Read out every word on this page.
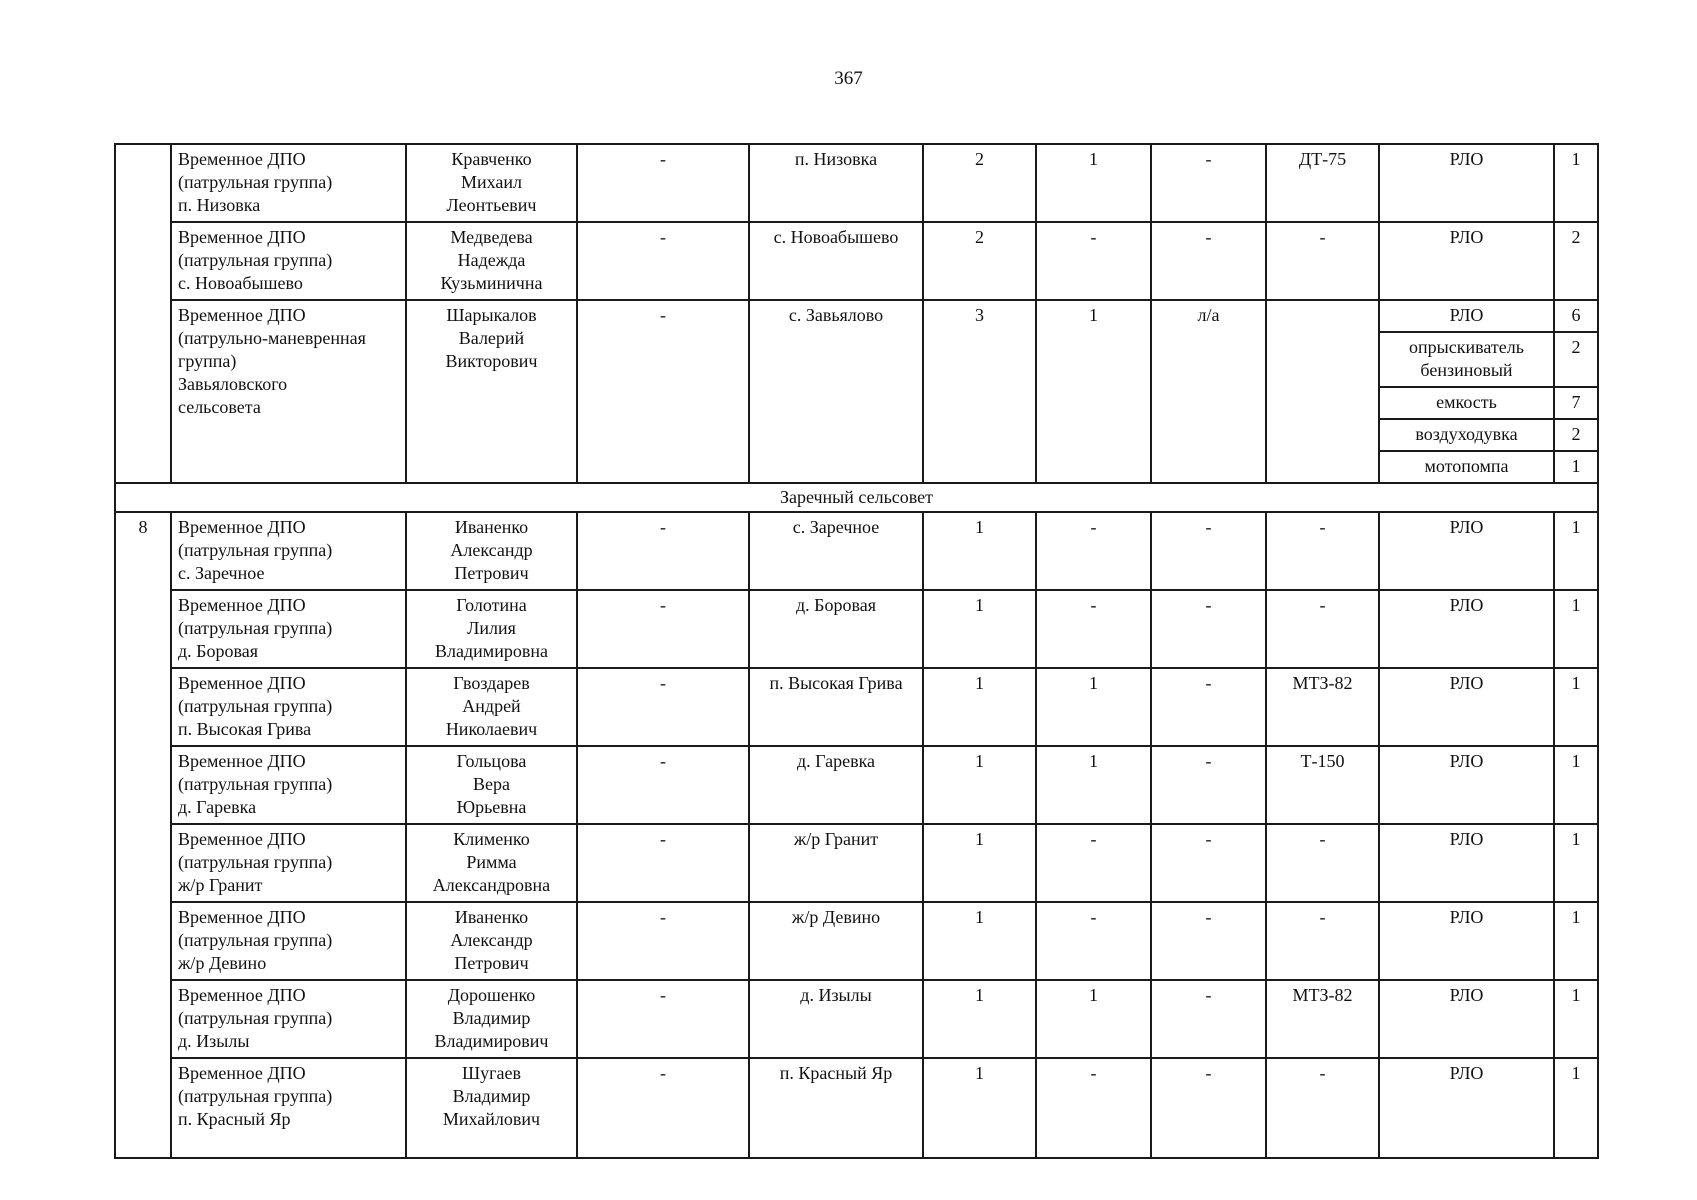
367

	Временное ДПО
(патрульная группа)
п. Низовка	Кравченко
Михаил
Леонтьевич	-	п. Низовка	2	1	-	ДТ-75	РЛО	1

	Временное ДПО
(патрульная группа)
с. Новоабышево	Медведева
Надежда
Кузьминична	-	с. Новоабышево	2	-	-	-	РЛО	2

	Временное ДПО
(патрульно-маневренная
группа)
Завьяловского
сельсовета	Шарыкалов
Валерий
Викторович	-	с. Завьялово	3	1	л/а		РЛО	6

									опрыскиватель
бензиновый	2

									емкость	7

									воздуходувка	2

									мотопомпа	1
Заречный сельсовет										
8	Временное ДПО
(патрульная группа)
с. Заречное	Иваненко
Александр
Петрович	-	с. Заречное	1	-	-	-	РЛО	1

	Временное ДПО
(патрульная группа)
д. Боровая	Голотина
Лилия
Владимировна	-	д. Боровая	1	-	-	-	РЛО	1

	Временное ДПО
(патрульная группа)
п. Высокая Грива	Гвоздарев
Андрей
Николаевич	-	п. Высокая Грива	1	1	-	МТЗ-82	РЛО	1

	Временное ДПО
(патрульная группа)
д. Гаревка	Гольцова
Вера
Юрьевна	-	д. Гаревка	1	1	-	Т-150	РЛО	1

	Временное ДПО
(патрульная группа)
ж/р Гранит	Клименко
Римма
Александровна	-	ж/р Гранит	1	-	-	-	РЛО	1

	Временное ДПО
(патрульная группа)
ж/р Девино	Иваненко
Александр
Петрович	-	ж/р Девино	1	-	-	-	РЛО	1

	Временное ДПО
(патрульная группа)
д. Изылы	Дорошенко
Владимир
Владимирович	-	д. Изылы	1	1	-	МТЗ-82	РЛО	1

	Временное ДПО
(патрульная группа)
п. Красный Яр	Шугаев
Владимир
Михайлович	-	п. Красный Яр	1	-	-	-	РЛО	1
